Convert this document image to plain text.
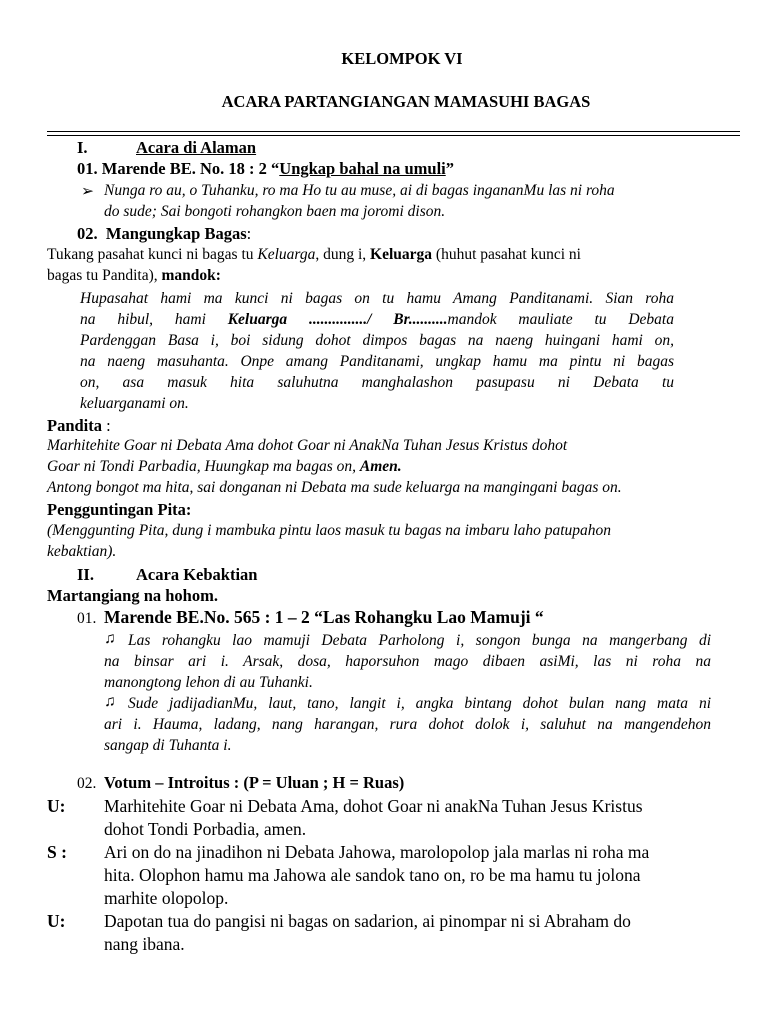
KELOMPOK VI
ACARA PARTANGIANGAN MAMASUHI BAGAS
I.	Acara di Alaman
01. Marende BE. No. 18 : 2 “Ungkap bahal na umuli”
➢ Nunga ro au, o Tuhanku, ro ma Ho tu au muse, ai di bagas ingananMu las ni roha
do sude; Sai bongoti rohangkon baen ma joromi dison.
02. Mangungkap Bagas:
Tukang pasahat kunci ni bagas tu Keluarga, dung i, Keluarga (huhut pasahat kunci ni
bagas tu Pandita), mandok:
Hupasahat hami ma kunci ni bagas on tu hamu Amang Panditanami. Sian roha
na hibul, hami Keluarga .............../ Br..........mandok mauliate tu Debata
Pardenggan Basa i, boi sidung dohot dimpos bagas na naeng huingani hami on,
na naeng masuhanta. Onpe amang Panditanami, ungkap hamu ma pintu ni bagas
on, asa masuk hita saluhutna manghalashon pasupasu ni Debata tu
keluarganami on.
Pandita :
Marhitehite Goar ni Debata Ama dohot Goar ni AnakNa Tuhan Jesus Kristus dohot
Goar ni Tondi Parbadia, Huungkap ma bagas on, Amen.
Antong bongot ma hita, sai donganan ni Debata ma sude keluarga na mangingani bagas on.
Pengguntingan Pita:
(Menggunting Pita, dung i mambuka pintu laos masuk tu bagas na imbaru laho patupahon
kebaktian).
II.	Acara Kebaktian
Martangiang na hohom.
01. Marende BE.No. 565 : 1 – 2 “Las Rohangku Lao Mamuji “
♫ Las rohangku lao mamuji Debata Parholong i, songon bunga na mangerbang di
na binsar ari i. Arsak, dosa, haporsuhon mago dibaen asiMi, las ni roha na
manongtong lehon di au Tuhanki.
♫ Sude jadijadianMu, laut, tano, langit i, angka bintang dohot bulan nang mata ni
ari i. Hauma, ladang, nang harangan, rura dohot dolok i, saluhut na mangendehon
sangap di Tuhanta i.
02. Votum – Introitus : (P = Uluan ; H = Ruas)
U: Marhitehite Goar ni Debata Ama, dohot Goar ni anakNa Tuhan Jesus Kristus
dohot Tondi Porbadia, amen.
S : Ari on do na jinadihon ni Debata Jahowa, marolopolop jala marlas ni roha ma
hita. Olophon hamu ma Jahowa ale sandok tano on, ro be ma hamu tu jolona
marhite olopolop.
U: Dapotan tua do pangisi ni bagas on sadarion, ai pinompar ni si Abraham do
nang ibana.
